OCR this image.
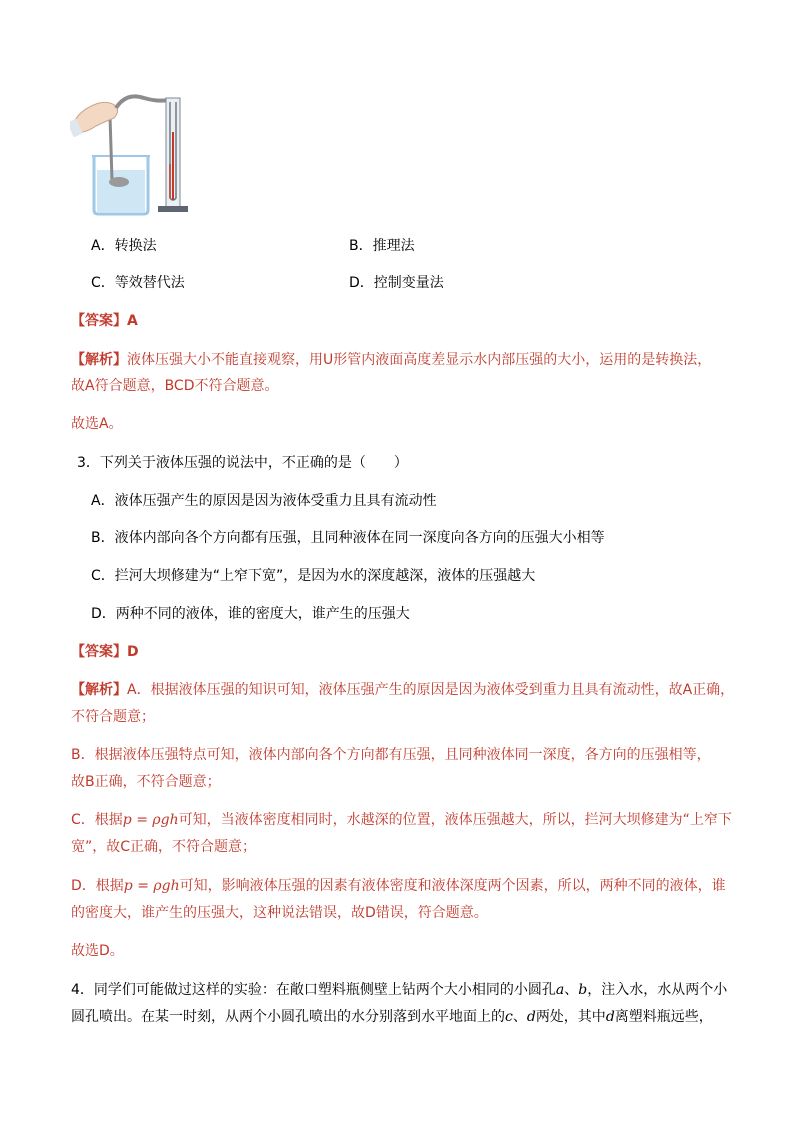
A．转换法	B．推理法
C．等效替代法	D．控制变量法
【答案】A
【解析】液体压强大小不能直接观察，用U形管内液面高度差显示水内部压强的大小，运用的是转换法，
故A符合题意，BCD不符合题意。
故选A。
3．下列关于液体压强的说法中，不正确的是（　　）
A．液体压强产生的原因是因为液体受重力且具有流动性
B．液体内部向各个方向都有压强，且同种液体在同一深度向各方向的压强大小相等
C．拦河大坝修建为“上窄下宽”，是因为水的深度越深，液体的压强越大
D．两种不同的液体，谁的密度大，谁产生的压强大
【答案】D
【解析】A．根据液体压强的知识可知，液体压强产生的原因是因为液体受到重力且具有流动性，故A正确，
不符合题意；
B．根据液体压强特点可知，液体内部向各个方向都有压强，且同种液体同一深度，各方向的压强相等，
故B正确，不符合题意；
C．根据p = ρgh可知，当液体密度相同时，水越深的位置，液体压强越大，所以，拦河大坝修建为“上窄下
宽”，故C正确，不符合题意；
D．根据p = ρgh可知，影响液体压强的因素有液体密度和液体深度两个因素，所以，两种不同的液体，谁
的密度大，谁产生的压强大，这种说法错误，故D错误，符合题意。
故选D。
4．同学们可能做过这样的实验：在敞口塑料瓶侧壁上钻两个大小相同的小圆孔a、b，注入水，水从两个小
圆孔喷出。在某一时刻，从两个小圆孔喷出的水分别落到水平地面上的c、d两处，其中d离塑料瓶远些，
